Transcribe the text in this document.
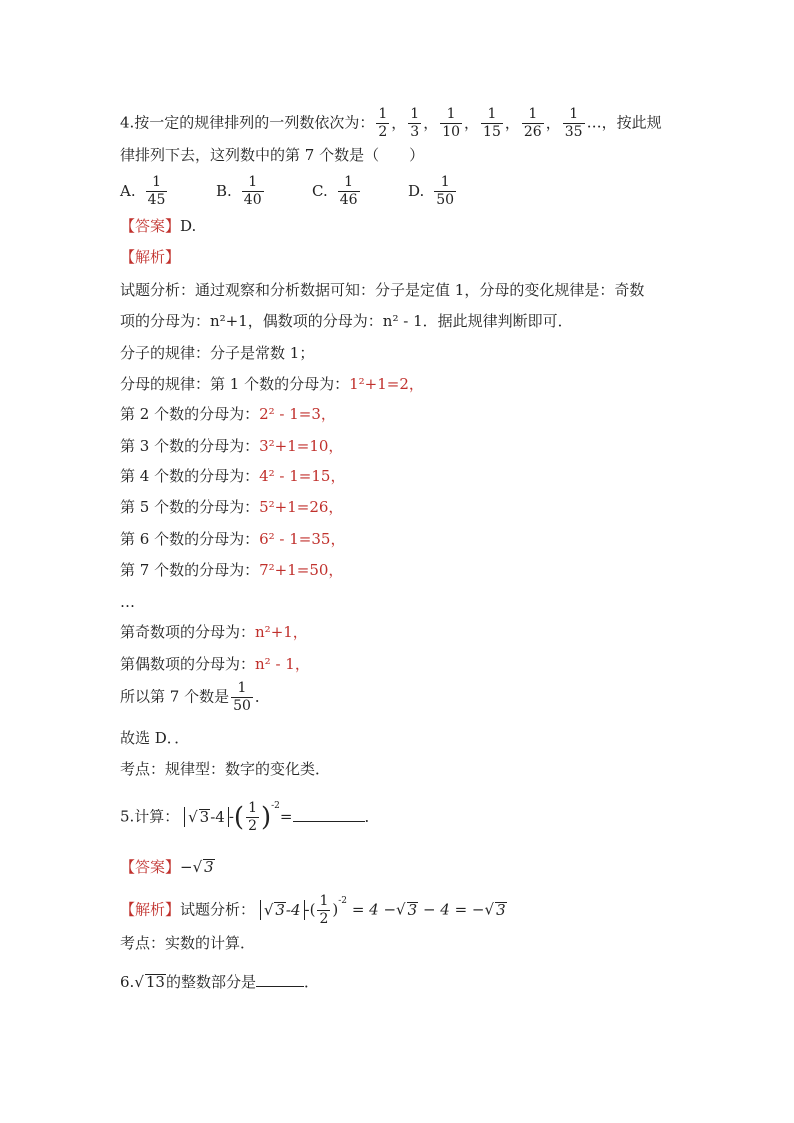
4.按一定的规律排列的一列数依次为： $\frac{1}{2}$ ， $\frac{1}{3}$ ， $\frac{1}{10}$ ， $\frac{1}{15}$ ， $\frac{1}{26}$ ， $\frac{1}{35}$ …，按此规
律排列下去，这列数中的第 7 个数是（　　）
A. $\frac{1}{45}$	B. $\frac{1}{40}$	C. $\frac{1}{46}$	D. $\frac{1}{50}$
【答案】D.
【解析】
试题分析：通过观察和分析数据可知：分子是定值 1，分母的变化规律是：奇数
项的分母为：n²+1，偶数项的分母为：n² - 1．据此规律判断即可．
分子的规律：分子是常数 1；
分母的规律：第 1 个数的分母为：1²+1=2，
第 2 个数的分母为：2² - 1=3，
第 3 个数的分母为：3²+1=10，
第 4 个数的分母为：4² - 1=15，
第 5 个数的分母为：5²+1=26，
第 6 个数的分母为：6² - 1=35，
第 7 个数的分母为：7²+1=50，
…
第奇数项的分母为：n²+1，
第偶数项的分母为：n² - 1，
所以第 7 个数是 $\frac{1}{50}$ ．
故选 D．．
考点：规律型：数字的变化类．
5.计算： √ 3-4 -( $\frac{1}{2} )^{-2}=$	．
【答案】−√ 3
【解析】试题分析： √ 3-4 -( $\frac{1}{2} )^{-2} = 4$ −√ 3 − 4 = −√ 3
考点：实数的计算．
6.√ 13的整数部分是	．
